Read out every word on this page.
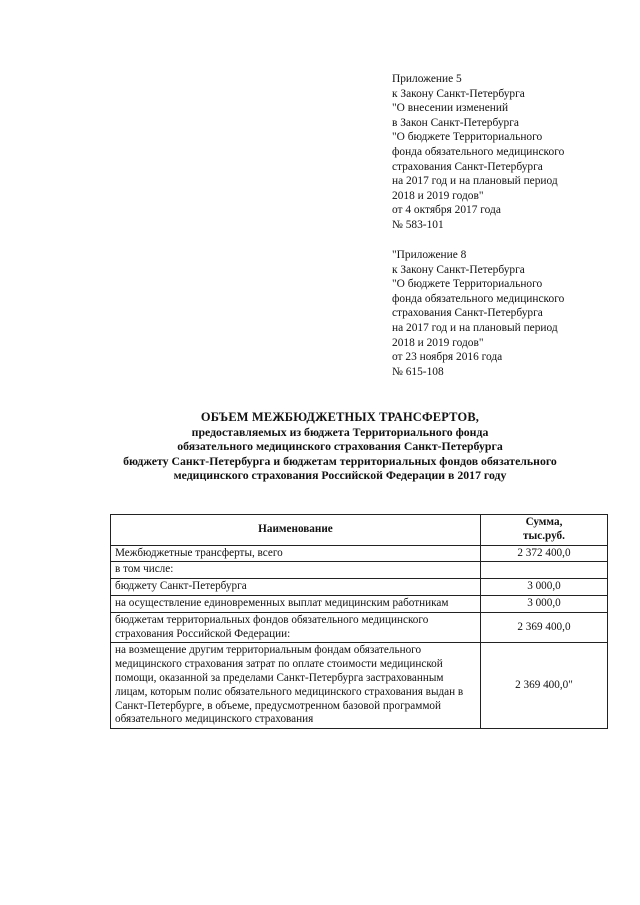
Приложение 5
к Закону Санкт-Петербурга
"О внесении изменений
в Закон Санкт-Петербурга
"О бюджете Территориального
фонда обязательного медицинского
страхования Санкт-Петербурга
на 2017 год и на плановый период
2018 и 2019 годов"
от 4 октября 2017 года
№ 583-101
"Приложение 8
к Закону Санкт-Петербурга
"О бюджете Территориального
фонда обязательного медицинского
страхования Санкт-Петербурга
на 2017 год и на плановый период
2018 и 2019 годов"
от 23 ноября 2016 года
№ 615-108
ОБЪЕМ МЕЖБЮДЖЕТНЫХ ТРАНСФЕРТОВ,
предоставляемых из бюджета Территориального фонда
обязательного медицинского страхования Санкт-Петербурга
бюджету Санкт-Петербурга и бюджетам территориальных фондов обязательного
медицинского страхования Российской Федерации в 2017 году
Наименование	Сумма,
тыс.руб.

Межбюджетные трансферты, всего	2 372 400,0
в том числе:	
бюджету Санкт-Петербурга	3 000,0
на осуществление единовременных выплат медицинским работникам	3 000,0
бюджетам территориальных фондов обязательного медицинского страхования Российской Федерации:	2 369 400,0
на возмещение другим территориальным фондам обязательного медицинского страхования затрат по оплате стоимости медицинской помощи, оказанной за пределами Санкт-Петербурга застрахованным лицам, которым полис обязательного медицинского страхования выдан в Санкт-Петербурге, в объеме, предусмотренном базовой программой обязательного медицинского страхования	2 369 400,0"
